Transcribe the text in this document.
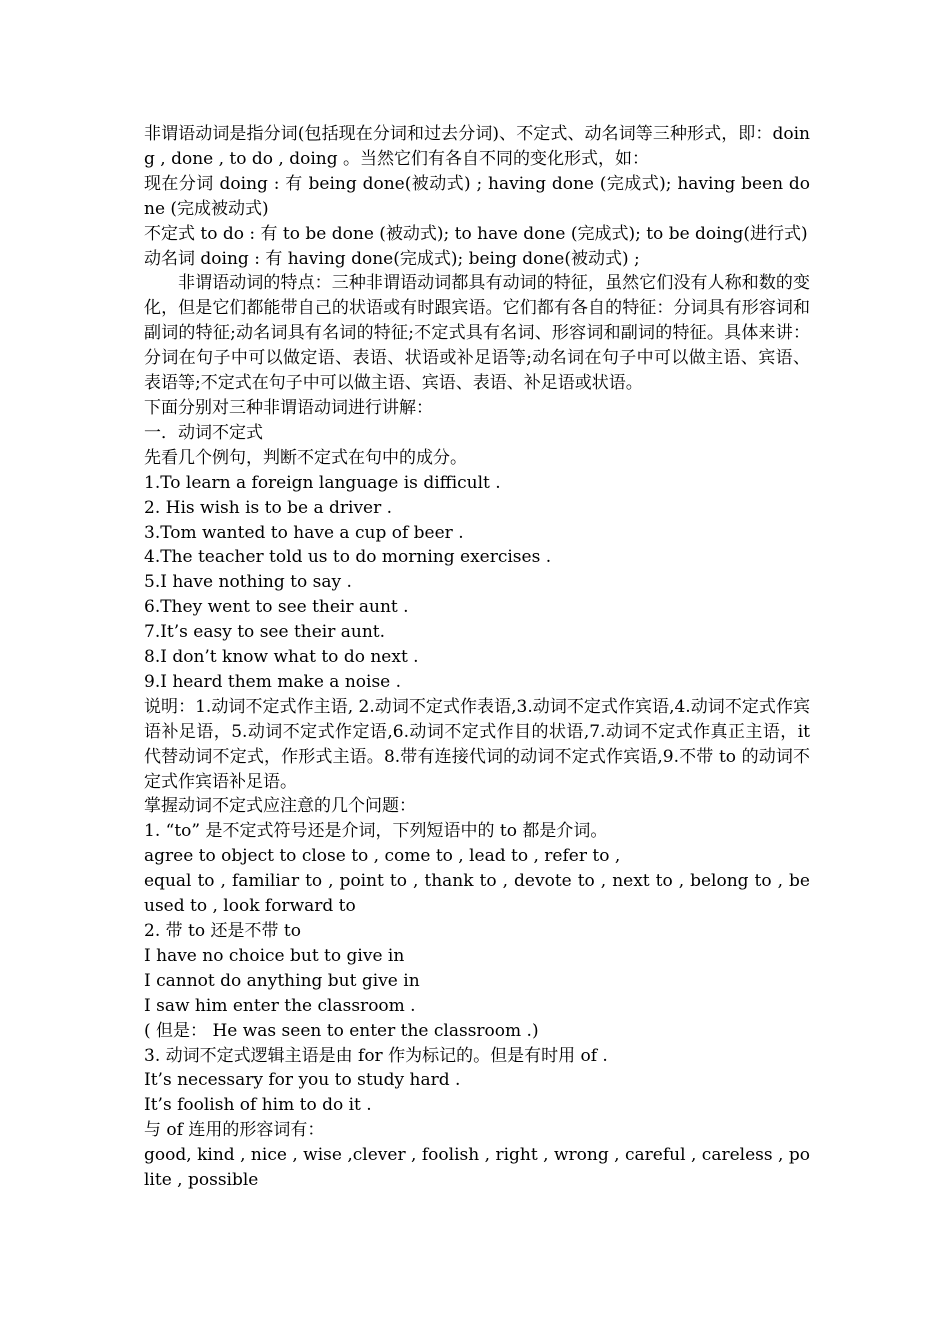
非谓语动词是指分词(包括现在分词和过去分词)、不定式、动名词等三种形式，即：doing , done , to do , doing 。当然它们有各自不同的变化形式，如：

现在分词 doing : 有 being done(被动式) ; having done (完成式); having been done (完成被动式)

不定式 to do : 有 to be done (被动式); to have done (完成式); to be doing(进行式)

动名词 doing : 有 having done(完成式); being done(被动式) ;

非谓语动词的特点：三种非谓语动词都具有动词的特征，虽然它们没有人称和数的变化，但是它们都能带自己的状语或有时跟宾语。它们都有各自的特征：分词具有形容词和副词的特征;动名词具有名词的特征;不定式具有名词、形容词和副词的特征。具体来讲：分词在句子中可以做定语、表语、状语或补足语等;动名词在句子中可以做主语、宾语、表语等;不定式在句子中可以做主语、宾语、表语、补足语或状语。

下面分别对三种非谓语动词进行讲解：

一．动词不定式

先看几个例句，判断不定式在句中的成分。

1.To learn a foreign language is difficult .

2. His wish is to be a driver .

3.Tom wanted to have a cup of beer .

4.The teacher told us to do morning exercises .

5.I have nothing to say .

6.They went to see their aunt .

7.It’s easy to see their aunt.

8.I don’t know what to do next .

9.I heard them make a noise .

说明：1.动词不定式作主语, 2.动词不定式作表语,3.动词不定式作宾语,4.动词不定式作宾语补足语，5.动词不定式作定语,6.动词不定式作目的状语,7.动词不定式作真正主语，it 代替动词不定式，作形式主语。8.带有连接代词的动词不定式作宾语,9.不带 to 的动词不定式作宾语补足语。

掌握动词不定式应注意的几个问题：

1. “to” 是不定式符号还是介词，下列短语中的 to 都是介词。

agree to object to close to , come to , lead to , refer to ,

equal to , familiar to , point to , thank to , devote to , next to , belong to , be used to , look forward to

2. 带 to 还是不带 to

I have no choice but to give in

I cannot do anything but give in

I saw him enter the classroom .

( 但是： He was seen to enter the classroom .)

3. 动词不定式逻辑主语是由 for 作为标记的。但是有时用 of .

It’s necessary for you to study hard .

It’s foolish of him to do it .

与 of 连用的形容词有：

good, kind , nice , wise ,clever , foolish , right , wrong , careful , careless , polite , possible
